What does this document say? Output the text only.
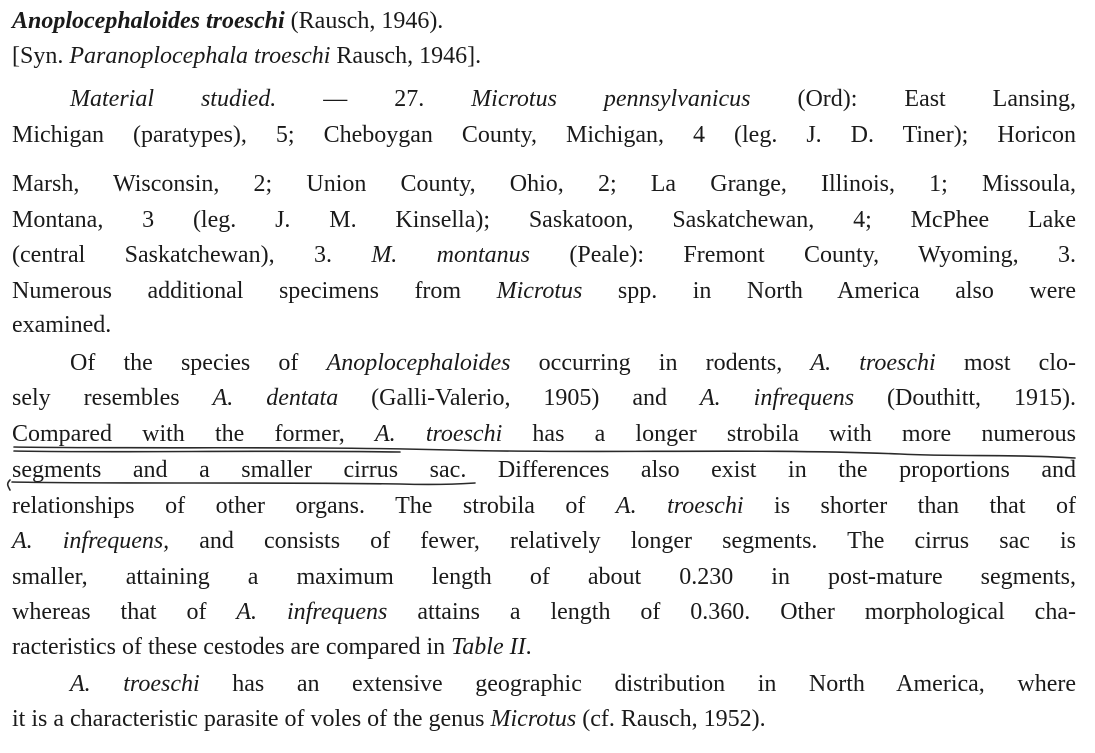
Anoplocephaloides troeschi (Rausch, 1946).
[Syn. Paranoplocephala troeschi Rausch, 1946].
Material studied. — 27. Microtus pennsylvanicus (Ord): East Lansing,
Michigan (paratypes), 5; Cheboygan County, Michigan, 4 (leg. J. D. Tiner); Horicon
Marsh, Wisconsin, 2; Union County, Ohio, 2; La Grange, Illinois, 1; Missoula,
Montana, 3 (leg. J. M. Kinsella); Saskatoon, Saskatchewan, 4; McPhee Lake
(central Saskatchewan), 3. M. montanus (Peale): Fremont County, Wyoming, 3.
Numerous additional specimens from Microtus spp. in North America also were
examined.
Of the species of Anoplocephaloides occurring in rodents, A. troeschi most clo-
sely resembles A. dentata (Galli-Valerio, 1905) and A. infrequens (Douthitt, 1915).
Compared with the former, A. troeschi has a longer strobila with more numerous
segments and a smaller cirrus sac. Differences also exist in the proportions and
relationships of other organs. The strobila of A. troeschi is shorter than that of
A. infrequens, and consists of fewer, relatively longer segments. The cirrus sac is
smaller, attaining a maximum length of about 0.230 in post-mature segments,
whereas that of A. infrequens attains a length of 0.360. Other morphological cha-
racteristics of these cestodes are compared in Table II.
A. troeschi has an extensive geographic distribution in North America, where
it is a characteristic parasite of voles of the genus Microtus (cf. Rausch, 1952).
